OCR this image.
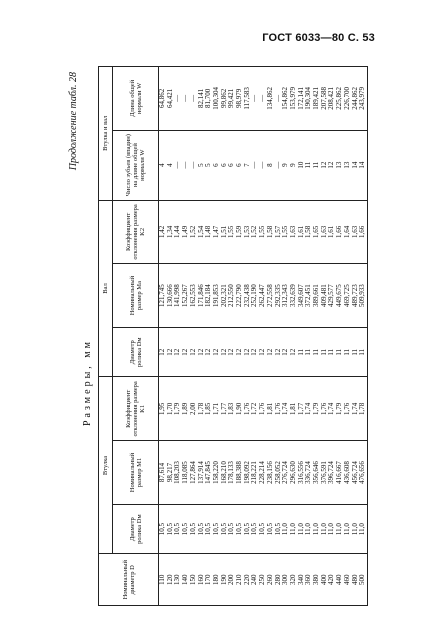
ГОСТ 6033—80 С. 53
Продолжение табл. 28
Размеры, мм
Номинальный диаметр D	Втулка			Вал			Втулка и вал	
	Диаметр ролика Dм	Номинальный размер M1	Коэффициент отклонения размера K1	Диаметр ролика Dм	Номинальный размер Mа	Коэффициент отклонения размера K2	Число зубьев (впадин) на длине общей нормали W	Длина общей нормали W
110	10,5	87,614	1,95	12	121,745	1,42	4	64,862
120	10,5	98,217	1,70	12	130,666	1,34	4	64,421
130	10,5	108,203	1,79	12	141,998	1,44	—	—
140	10,5	118,085	1,89	12	152,267	1,49	—	—
150	10,5	127,864	2,00	12	162,553	1,52	—	—
160	10,5	137,914	1,78	12	171,846	1,54	5	82,141
170	10,5	147,845	1,85	12	182,184	1,48	5	81,700
180	10,5	158,220	1,71	12	191,853	1,47	6	100,304
190	10,5	168,210	1,77	12	202,321	1,51	6	99,862
200	10,5	178,133	1,83	12	212,550	1,55	6	99,421
210	10,5	188,388	1,90	12	222,790	1,59	6	98,979
220	10,5	198,092	1,76	12	232,438	1,53	7	117,583
240	10,5	218,221	1,72	12	252,190	1,52	—	—
250	10,5	228,214	1,76	12	262,447	1,55	—	—
260	10,5	238,156	1,81	12	272,558	1,58	8	134,862
280	10,5	258,052	1,76	12	292,335	1,57	—	—
300	11,0	276,724	1,74	12	312,343	1,55	9	154,862
320	11,0	296,630	1,81	12	332,639	1,63	9	153,979
340	11,0	316,556	1,77	11	349,607	1,61	10	172,141
360	11,0	336,724	1,74	11	372,451	1,58	11	190,304
380	11,0	356,646	1,79	11	389,661	1,65	11	189,421
400	11,0	376,591	1,76	11	409,481	1,63	12	207,588
420	11,0	396,724	1,74	11	429,577	1,61	12	208,421
440	11,0	416,667	1,79	11	449,675	1,66	13	225,862
460	11,0	436,608	1,76	11	469,725	1,64	13	226,700
480	11,0	456,724	1,74	11	489,723	1,63	14	244,862
500	11,0	476,656	1,78	11	509,933	1,66	14	243,979
